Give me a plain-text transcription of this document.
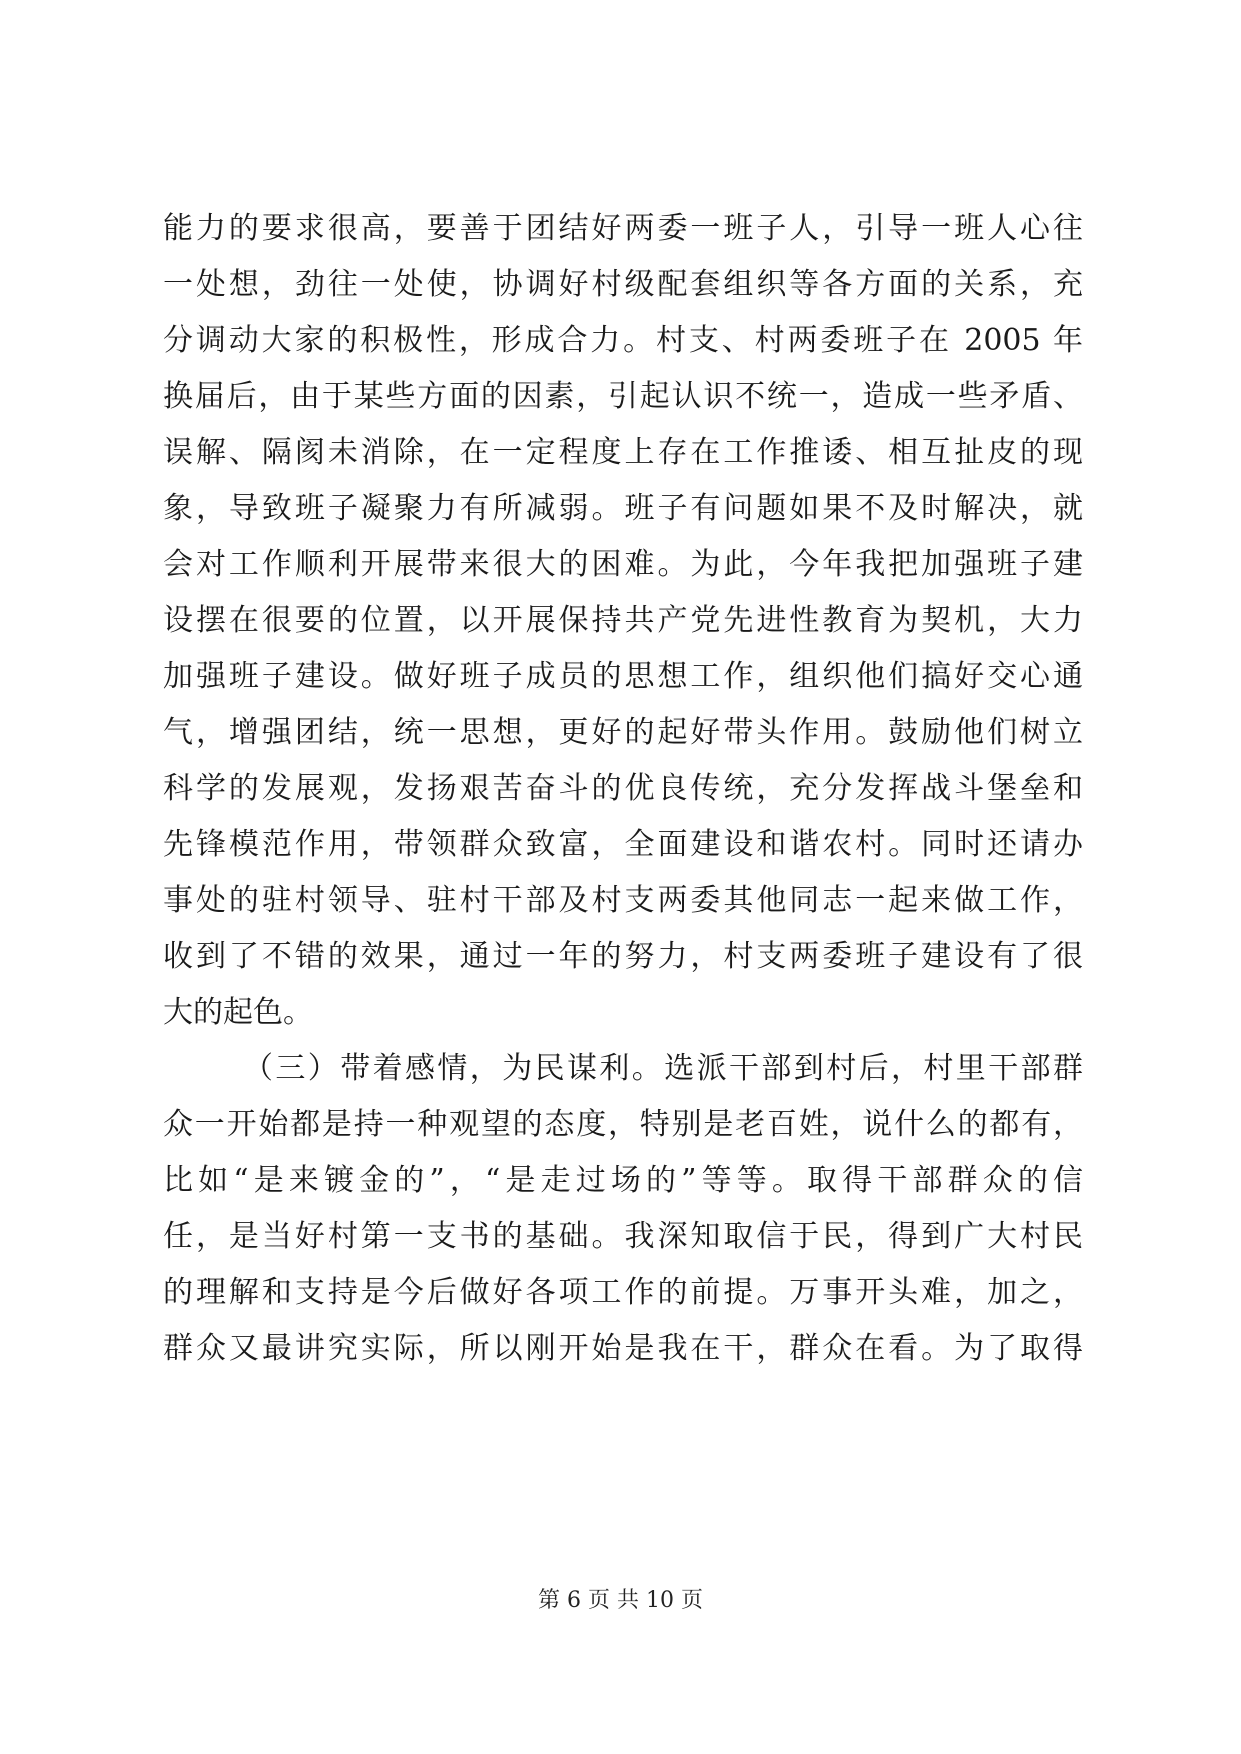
能力的要求很高，要善于团结好两委一班子人，引导一班人心往
一处想，劲往一处使，协调好村级配套组织等各方面的关系，充
分调动大家的积极性，形成合力。村支、村两委班子在 2005 年
换届后，由于某些方面的因素，引起认识不统一，造成一些矛盾、
误解、隔阂未消除，在一定程度上存在工作推诿、相互扯皮的现
象，导致班子凝聚力有所减弱。班子有问题如果不及时解决，就
会对工作顺利开展带来很大的困难。为此，今年我把加强班子建
设摆在很要的位置，以开展保持共产党先进性教育为契机，大力
加强班子建设。做好班子成员的思想工作，组织他们搞好交心通
气，增强团结，统一思想，更好的起好带头作用。鼓励他们树立
科学的发展观，发扬艰苦奋斗的优良传统，充分发挥战斗堡垒和
先锋模范作用，带领群众致富，全面建设和谐农村。同时还请办
事处的驻村领导、驻村干部及村支两委其他同志一起来做工作，
收到了不错的效果，通过一年的努力，村支两委班子建设有了很
大的起色。
（三）带着感情，为民谋利。选派干部到村后，村里干部群
众一开始都是持一种观望的态度，特别是老百姓，说什么的都有，
比如“是来镀金的”，“是走过场的”等等。取得干部群众的信
任，是当好村第一支书的基础。我深知取信于民，得到广大村民
的理解和支持是今后做好各项工作的前提。万事开头难，加之，
群众又最讲究实际，所以刚开始是我在干，群众在看。为了取得
第 6 页 共 10 页
